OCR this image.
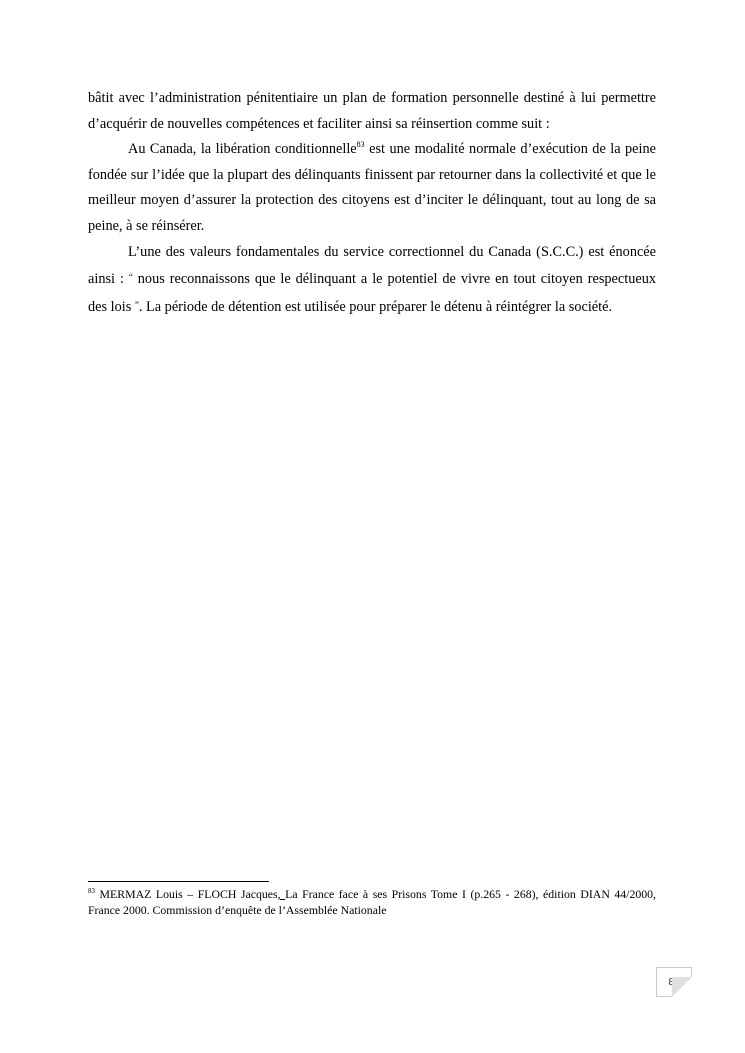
bâtit avec l’administration pénitentiaire un plan de formation personnelle destiné à lui permettre d’acquérir de nouvelles compétences et faciliter ainsi sa réinsertion comme suit :

Au Canada, la libération conditionnelle$^{83}$ est une modalité normale d’exécution de la peine fondée sur l’idée que la plupart des délinquants finissent par retourner dans la collectivité et que le meilleur moyen d’assurer la protection des citoyens est d’inciter le délinquant, tout au long de sa peine, à se réinsérer.

L’une des valeurs fondamentales du service correctionnel du Canada (S.C.C.) est énoncée ainsi : “ nous reconnaissons que le délinquant a le potentiel de vivre en tout citoyen respectueux des lois ”. La période de détention est utilisée pour préparer le détenu à réintégrer la société.

$^{83}$ MERMAZ Louis – FLOCH Jacques, La France face à ses Prisons Tome I (p.265 - 268), édition DIAN 44/2000, France 2000. Commission d’enquête de l’Assemblée Nationale
86
